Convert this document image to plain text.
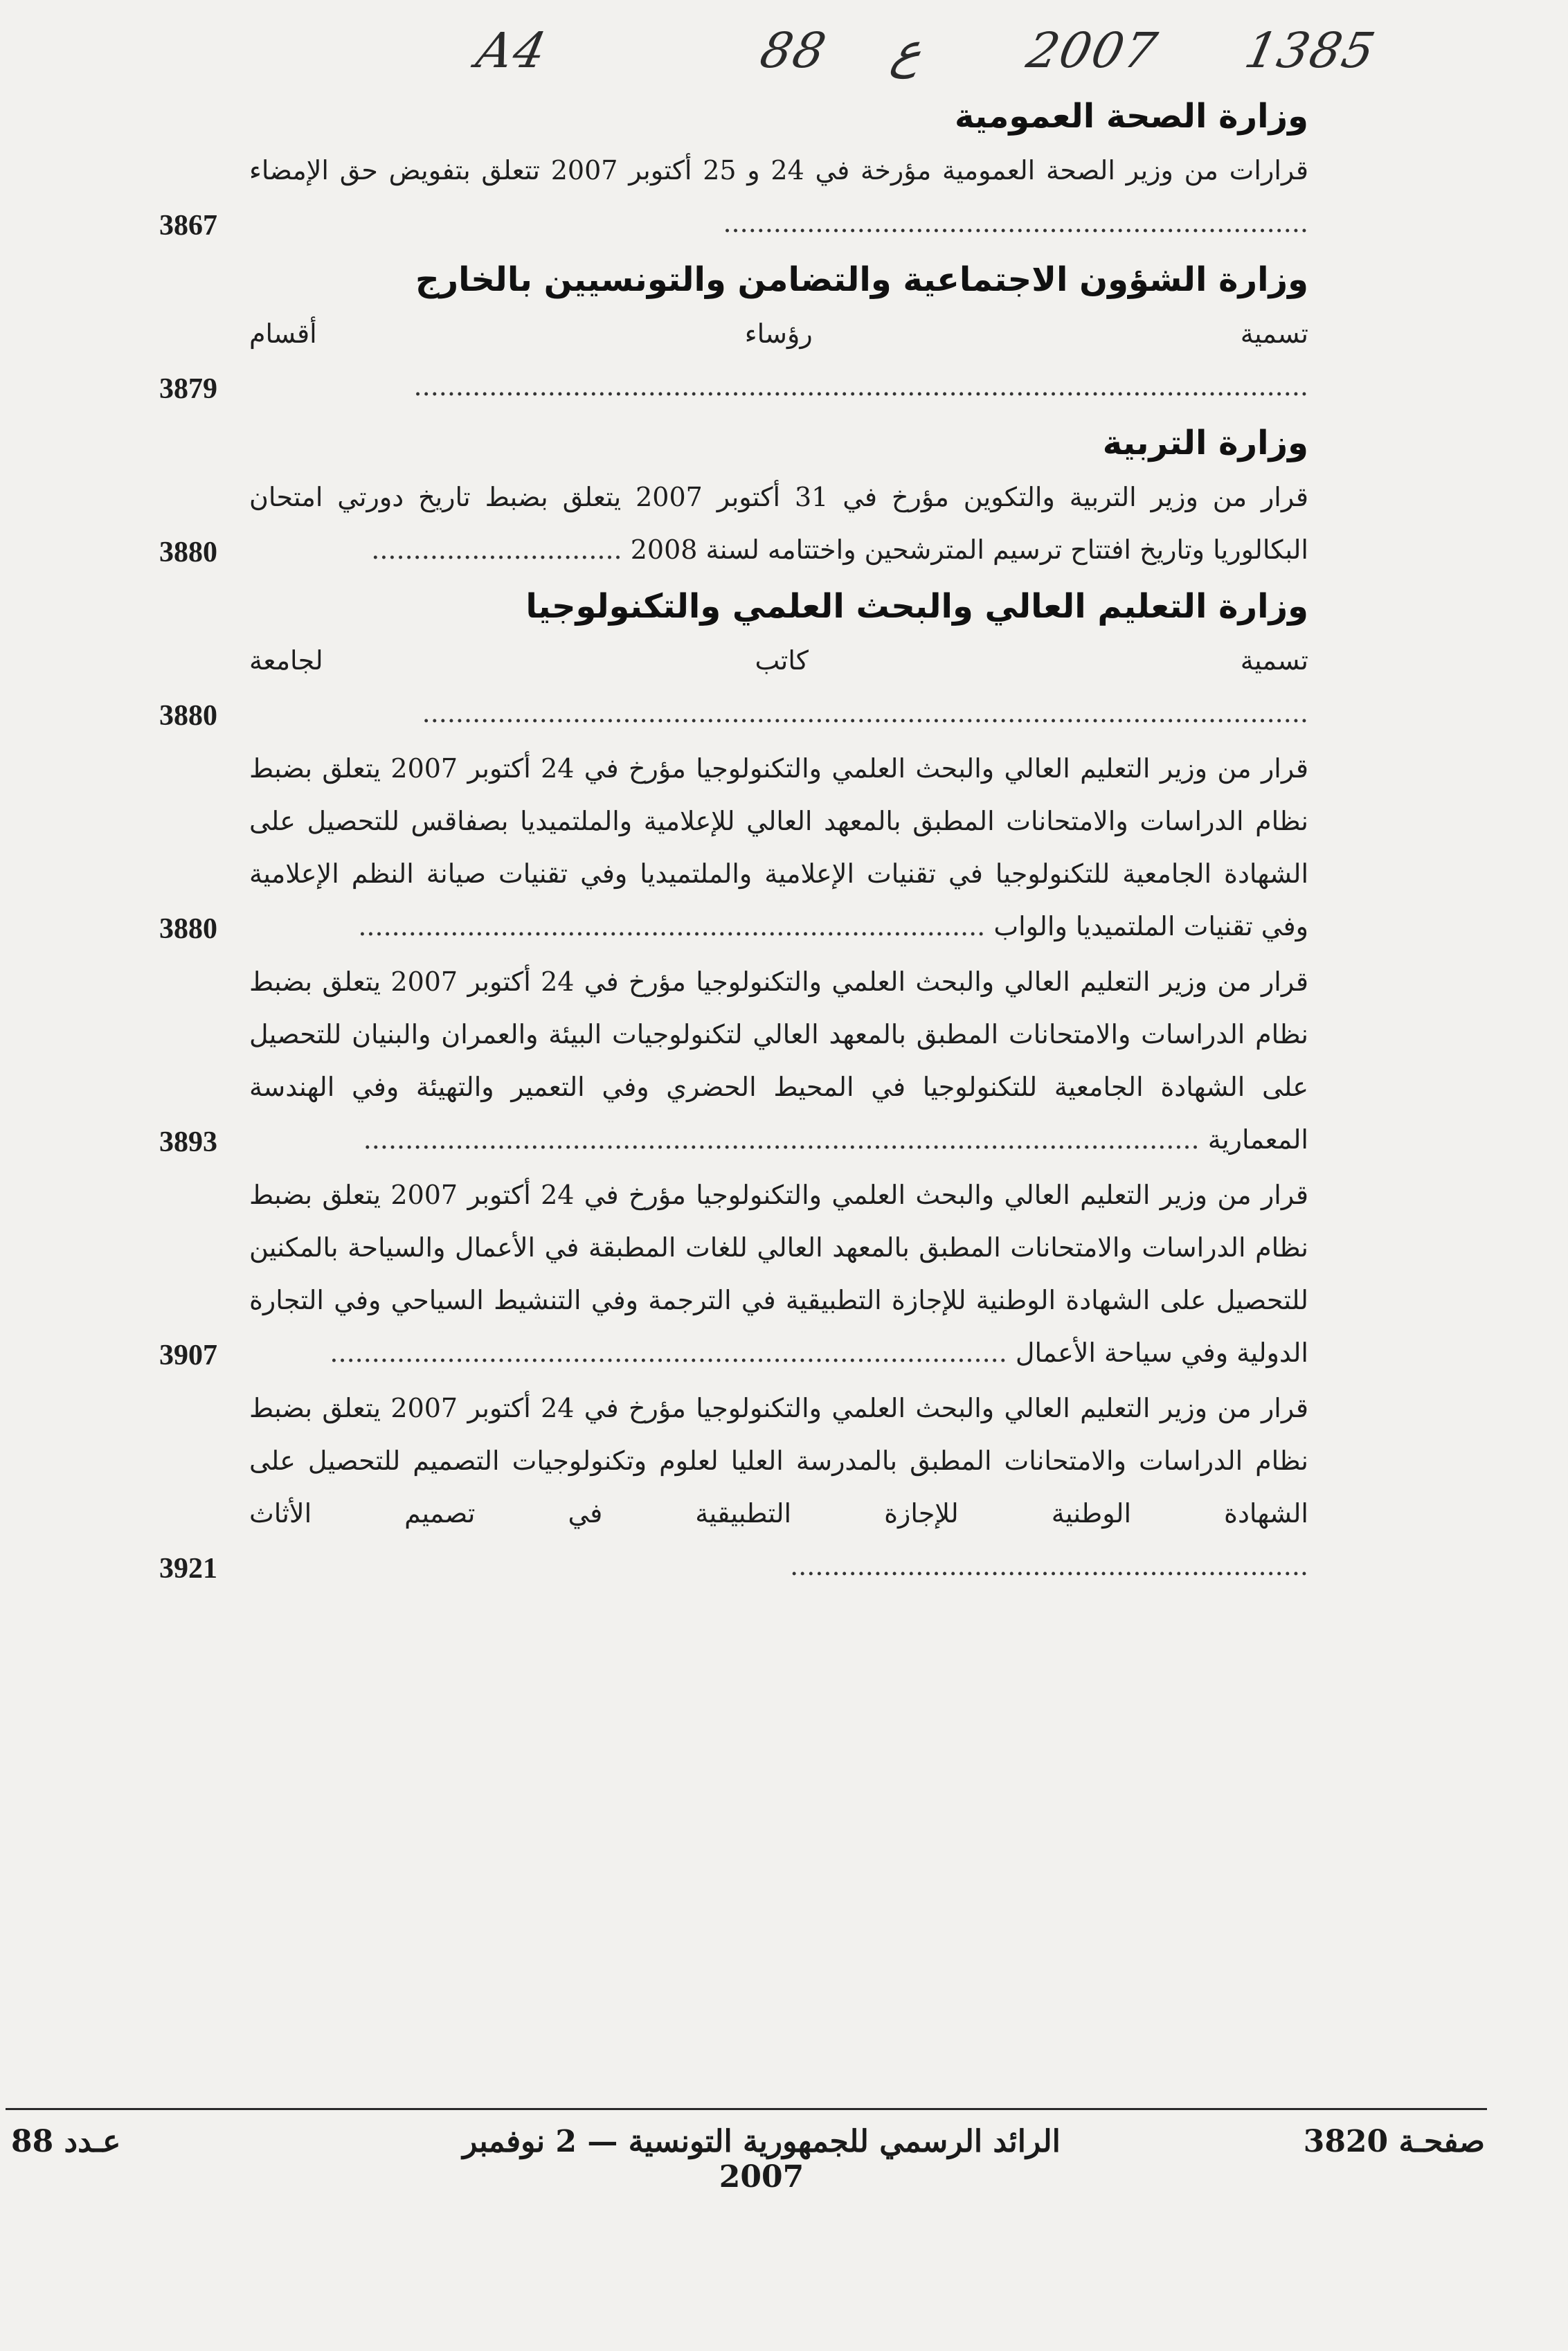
A4	88 ع 2007 1385
وزارة الصحة العمومية
3867
قرارات من وزير الصحة العمومية مؤرخة في 24 و 25 أكتوبر 2007 تتعلق بتفويض حق الإمضاء ......................................................................
وزارة الشؤون الاجتماعية والتضامن والتونسيين بالخارج
3879
تسمية رؤساء أقسام ...........................................................................................................
وزارة التربية
3880
قرار من وزير التربية والتكوين مؤرخ في 31 أكتوبر 2007 يتعلق بضبط تاريخ دورتي امتحان البكالوريا وتاريخ افتتاح ترسيم المترشحين واختتامه لسنة 2008 ..............................
وزارة التعليم العالي والبحث العلمي والتكنولوجيا
3880
تسمية كاتب لجامعة ..........................................................................................................
3880
قرار من وزير التعليم العالي والبحث العلمي والتكنولوجيا مؤرخ في 24 أكتوبر 2007 يتعلق بضبط نظام الدراسات والامتحانات المطبق بالمعهد العالي للإعلامية والملتميديا بصفاقس للتحصيل على الشهادة الجامعية للتكنولوجيا في تقنيات الإعلامية والملتميديا وفي تقنيات صيانة النظم الإعلامية وفي تقنيات الملتميديا والواب ...........................................................................
3893
قرار من وزير التعليم العالي والبحث العلمي والتكنولوجيا مؤرخ في 24 أكتوبر 2007 يتعلق بضبط نظام الدراسات والامتحانات المطبق بالمعهد العالي لتكنولوجيات البيئة والعمران والبنيان للتحصيل على الشهادة الجامعية للتكنولوجيا في المحيط الحضري وفي التعمير والتهيئة وفي الهندسة المعمارية ....................................................................................................
3907
قرار من وزير التعليم العالي والبحث العلمي والتكنولوجيا مؤرخ في 24 أكتوبر 2007 يتعلق بضبط نظام الدراسات والامتحانات المطبق بالمعهد العالي للغات المطبقة في الأعمال والسياحة بالمكنين للتحصيل على الشهادة الوطنية للإجازة التطبيقية في الترجمة وفي التنشيط السياحي وفي التجارة الدولية وفي سياحة الأعمال .................................................................................
3921
قرار من وزير التعليم العالي والبحث العلمي والتكنولوجيا مؤرخ في 24 أكتوبر 2007 يتعلق بضبط نظام الدراسات والامتحانات المطبق بالمدرسة العليا لعلوم وتكنولوجيات التصميم للتحصيل على الشهادة الوطنية للإجازة التطبيقية في تصميم الأثاث ..............................................................
عـدد 88	الرائد الرسمي للجمهورية التونسية — 2 نوفمبر 2007
صفحـة 3820
